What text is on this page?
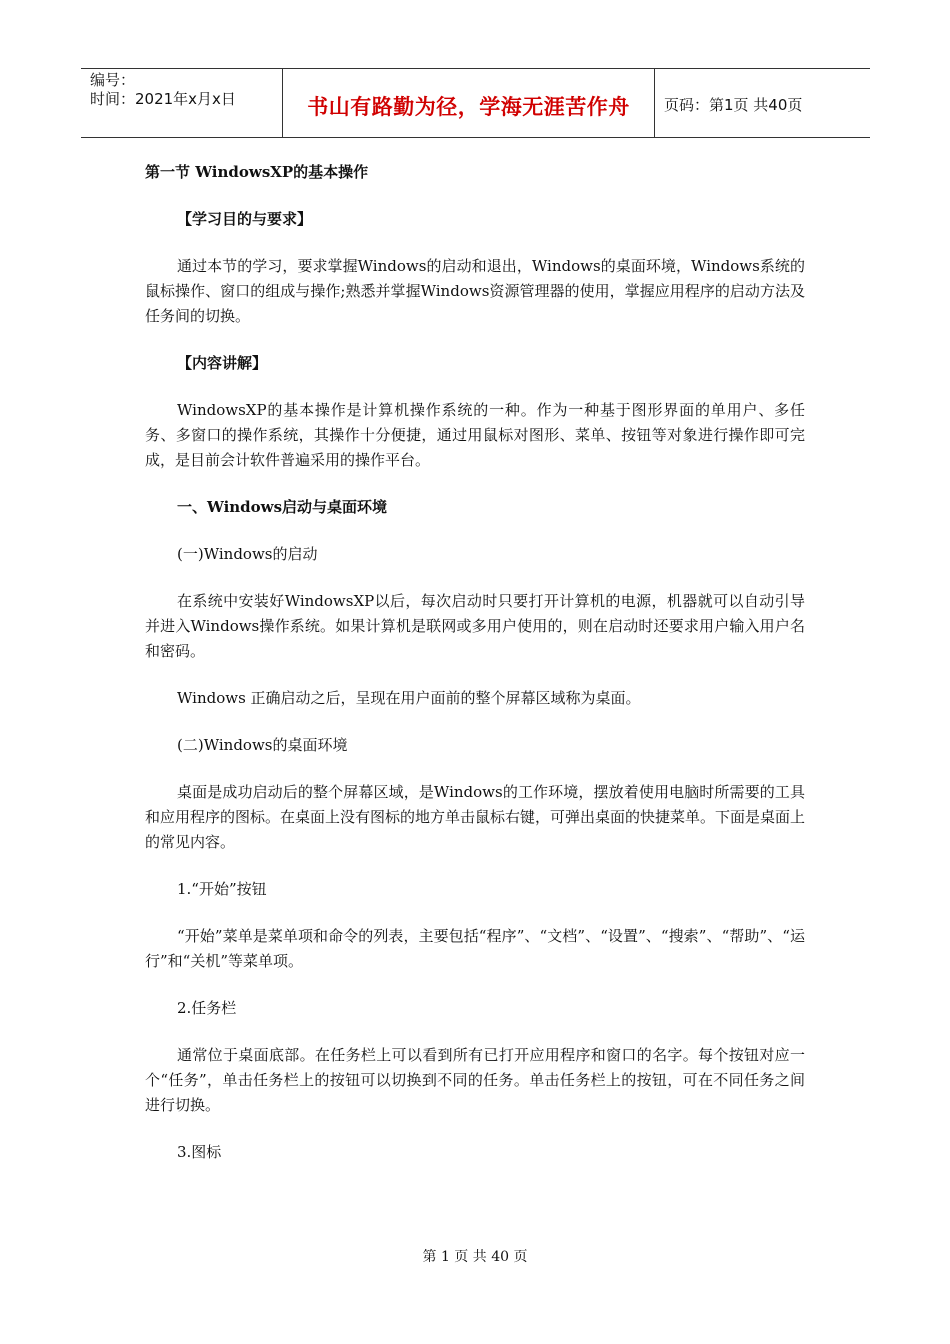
编号：
时间：2021年x月x日	书山有路勤为径，学海无涯苦作舟	页码：第1页 共40页

第一节 WindowsXP的基本操作

【学习目的与要求】

通过本节的学习，要求掌握Windows的启动和退出，Windows的桌面环境，Windows系统的鼠标操作、窗口的组成与操作;熟悉并掌握Windows资源管理器的使用，掌握应用程序的启动方法及任务间的切换。

【内容讲解】

WindowsXP的基本操作是计算机操作系统的一种。作为一种基于图形界面的单用户、多任务、多窗口的操作系统，其操作十分便捷，通过用鼠标对图形、菜单、按钮等对象进行操作即可完成，是目前会计软件普遍采用的操作平台。

一、Windows启动与桌面环境

(一)Windows的启动

在系统中安装好WindowsXP以后，每次启动时只要打开计算机的电源，机器就可以自动引导并进入Windows操作系统。如果计算机是联网或多用户使用的，则在启动时还要求用户输入用户名和密码。

Windows 正确启动之后，呈现在用户面前的整个屏幕区域称为桌面。

(二)Windows的桌面环境

桌面是成功启动后的整个屏幕区域，是Windows的工作环境，摆放着使用电脑时所需要的工具和应用程序的图标。在桌面上没有图标的地方单击鼠标右键，可弹出桌面的快捷菜单。下面是桌面上的常见内容。

1.“开始”按钮

“开始”菜单是菜单项和命令的列表，主要包括“程序”、“文档”、“设置”、“搜索”、“帮助”、“运行”和“关机”等菜单项。

2.任务栏

通常位于桌面底部。在任务栏上可以看到所有已打开应用程序和窗口的名字。每个按钮对应一个“任务”，单击任务栏上的按钮可以切换到不同的任务。单击任务栏上的按钮，可在不同任务之间进行切换。

3.图标

第 1 页 共 40 页
